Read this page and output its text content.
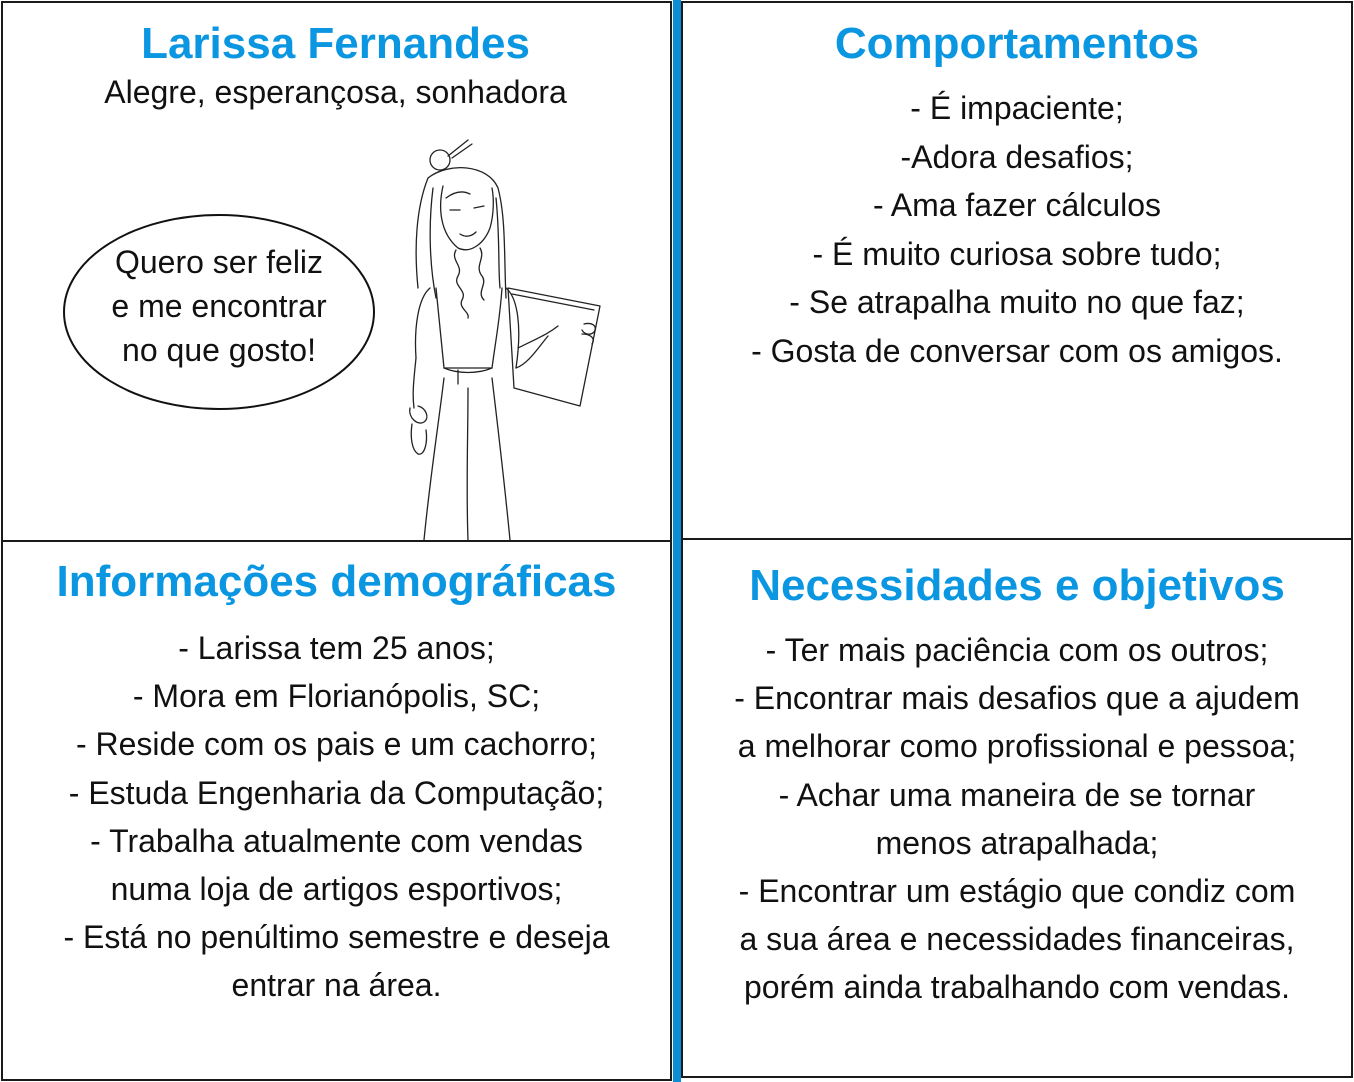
Larissa Fernandes
Alegre, esperançosa, sonhadora
Quero ser feliz
e me encontrar
no que gosto!
Comportamentos
- É impaciente;
-Adora desafios;
- Ama fazer cálculos
- É muito curiosa sobre tudo;
- Se atrapalha muito no que faz;
- Gosta de conversar com os amigos.
Informações demográficas
- Larissa tem 25 anos;
- Mora em Florianópolis, SC;
- Reside com os pais e um cachorro;
- Estuda Engenharia da Computação;
- Trabalha atualmente com vendas
numa loja de artigos esportivos;
- Está no penúltimo semestre e deseja
entrar na área.
Necessidades e objetivos
- Ter mais paciência com os outros;
- Encontrar mais desafios que a ajudem
a melhorar como profissional e pessoa;
- Achar uma maneira de se tornar
menos atrapalhada;
- Encontrar um estágio que condiz com
a sua área e necessidades financeiras,
porém ainda trabalhando com vendas.
